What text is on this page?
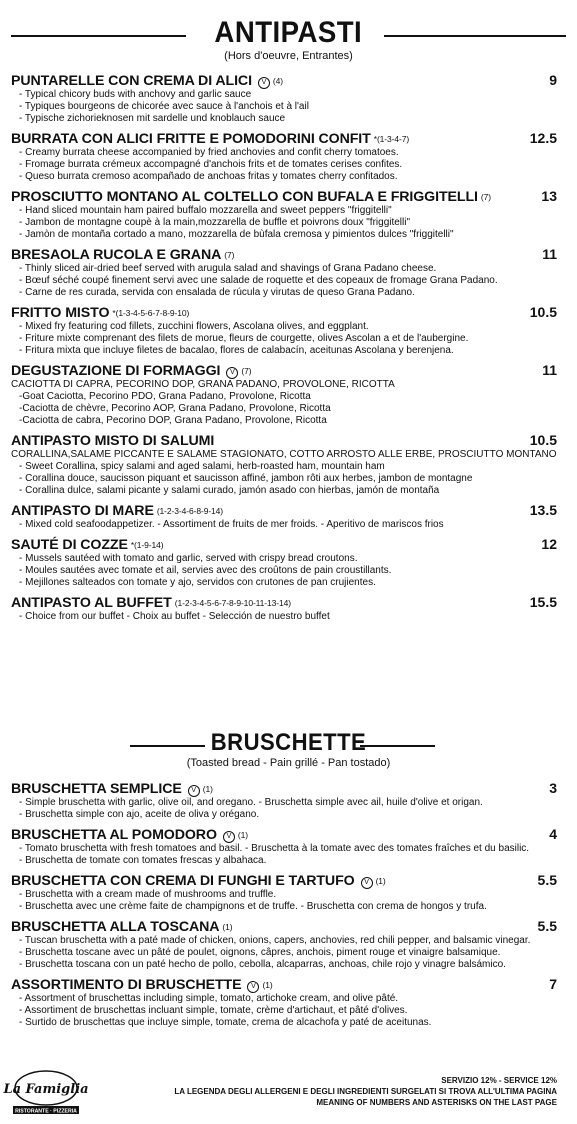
ANTIPASTI
(Hors d'oeuvre, Entrantes)
PUNTARELLE CON CREMA DI ALICI V (4)	9
- Typical chicory buds with anchovy and garlic sauce
- Typiques bourgeons de chicorée avec sauce à l'anchois et à l'ail
- Typische zichorieknosen mit sardelle und knoblauch sauce
BURRATA CON ALICI FRITTE E POMODORINI CONFIT *(1-3-4-7)	12.5
- Creamy burrata cheese accompanied by fried anchovies and confit cherry tomatoes.
- Fromage burrata crémeux accompagné d'anchois frits et de tomates cerises confites.
- Queso burrata cremoso acompañado de anchoas fritas y tomates cherry confitados.
PROSCIUTTO MONTANO AL COLTELLO CON BUFALA E FRIGGITELLI (7)	13
- Hand sliced mountain ham paired buffalo mozzarella and sweet peppers "friggitelli"
- Jambon de montagne coupè à la main,mozzarella de buffle et poivrons doux "friggitelli"
- Jamòn de montaña cortado a mano, mozzarella de bùfala cremosa y pimientos dulces "friggitelli"
BRESAOLA RUCOLA E GRANA (7)	11
- Thinly sliced air-dried beef served with arugula salad and shavings of Grana Padano cheese.
- Bœuf séché coupé finement servi avec une salade de roquette et des copeaux de fromage Grana Padano.
- Carne de res curada, servida con ensalada de rúcula y virutas de queso Grana Padano.
FRITTO MISTO *(1-3-4-5-6-7-8-9-10)	10.5
- Mixed fry featuring cod fillets, zucchini flowers, Ascolana olives, and eggplant.
- Friture mixte comprenant des filets de morue, fleurs de courgette, olives Ascolan a et de l'aubergine.
- Fritura mixta que incluye filetes de bacalao, flores de calabacín, aceitunas Ascolana y berenjena.
DEGUSTAZIONE DI FORMAGGI V (7)	11
CACIOTTA DI CAPRA, PECORINO DOP, GRANA PADANO, PROVOLONE, RICOTTA
-Goat Caciotta, Pecorino PDO, Grana Padano, Provolone, Ricotta
-Caciotta de chèvre, Pecorino AOP, Grana Padano, Provolone, Ricotta
-Caciotta de cabra, Pecorino DOP, Grana Padano, Provolone, Ricotta
ANTIPASTO MISTO DI SALUMI	10.5
CORALLINA,SALAME PICCANTE E SALAME STAGIONATO, COTTO ARROSTO ALLE ERBE, PROSCIUTTO MONTANO
- Sweet Corallina, spicy salami and aged salami, herb-roasted ham, mountain ham
- Corallina douce, saucisson piquant et saucisson affiné, jambon rôti aux herbes, jambon de montagne
- Corallina dulce, salami picante y salami curado, jamón asado con hierbas, jamón de montaña
ANTIPASTO DI MARE (1-2-3-4-6-8-9-14)	13.5
- Mixed cold seafoodappetizer. - Assortiment de fruits de mer froids. - Aperitivo de mariscos frios
SAUTÉ DI COZZE *(1-9-14)	12
- Mussels sautéed with tomato and garlic, served with crispy bread croutons.
- Moules sautées avec tomate et ail, servies avec des croûtons de pain croustillants.
- Mejillones salteados con tomate y ajo, servidos con crutones de pan crujientes.
ANTIPASTO AL BUFFET (1-2-3-4-5-6-7-8-9-10-11-13-14)	15.5
- Choice from our buffet - Choix au buffet - Selección de nuestro buffet
BRUSCHETTE
(Toasted bread - Pain grillé - Pan tostado)
BRUSCHETTA SEMPLICE V (1)	3
- Simple bruschetta with garlic, olive oil, and oregano. - Bruschetta simple avec ail, huile d'olive et origan.
- Bruschetta simple con ajo, aceite de oliva y orégano.
BRUSCHETTA AL POMODORO V (1)	4
- Tomato bruschetta with fresh tomatoes and basil. - Bruschetta à la tomate avec des tomates fraîches et du basilic.
- Bruschetta de tomate con tomates frescas y albahaca.
BRUSCHETTA CON CREMA DI FUNGHI E TARTUFO V (1)	5.5
- Bruschetta with a cream made of mushrooms and truffle.
- Bruschetta avec une crème faite de champignons et de truffe. - Bruschetta con crema de hongos y trufa.
BRUSCHETTA ALLA TOSCANA (1)	5.5
- Tuscan bruschetta with a paté made of chicken, onions, capers, anchovies, red chili pepper, and balsamic vinegar.
- Bruschetta toscane avec un pâté de poulet, oignons, câpres, anchois, piment rouge et vinaigre balsamique.
- Bruschetta toscana con un paté hecho de pollo, cebolla, alcaparras, anchoas, chile rojo y vinagre balsámico.
ASSORTIMENTO DI BRUSCHETTE V (1)	7
- Assortment of bruschettas including simple, tomato, artichoke cream, and olive pâté.
- Assortiment de bruschettas incluant simple, tomate, crème d'artichaut, et pâté d'olives.
- Surtido de bruschettas que incluye simple, tomate, crema de alcachofa y paté de aceitunas.
La Famiglia
RISTORANTE · PIZZERIA
SERVIZIO 12% - SERVICE 12%
LA LEGENDA DEGLI ALLERGENI E DEGLI INGREDIENTI SURGELATI SI TROVA ALL'ULTIMA PAGINA
MEANING OF NUMBERS AND ASTERISKS ON THE LAST PAGE
